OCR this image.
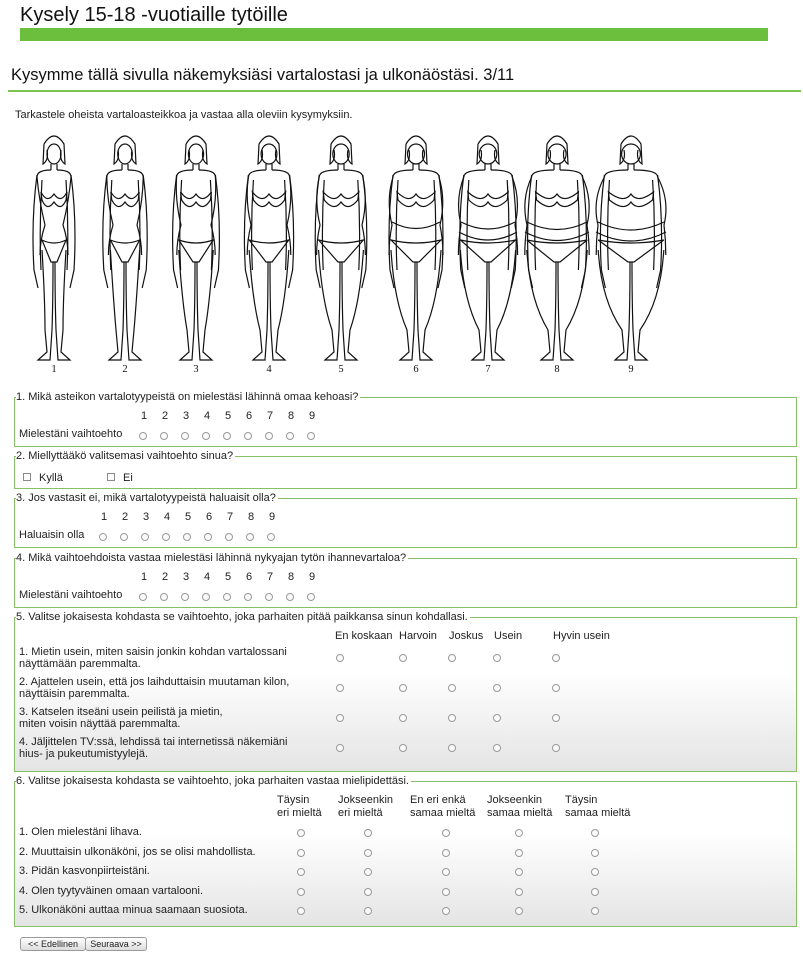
Kysely 15-18 -vuotiaille tytöille
Kysymme tällä sivulla näkemyksiäsi vartalostasi ja ulkonäöstäsi. 3/11
Tarkastele oheista vartaloasteikkoa ja vastaa alla oleviin kysymyksiin.
1	2	3	4	5	6	7	8	9
1. Mikä asteikon vartalotyypeistä on mielestäsi lähinnä omaa kehoasi?
Mielestäni vaihtoehto
1	2	3	4	5	6	7	8	9
2. Miellyttääkö valitsemasi vaihtoehto sinua?
Kyllä	Ei
3. Jos vastasit ei, mikä vartalotyypeistä haluaisit olla?
Haluaisin olla
1	2	3	4	5	6	7	8	9
4. Mikä vaihtoehdoista vastaa mielestäsi lähinnä nykyajan tytön ihannevartaloa?
Mielestäni vaihtoehto
1	2	3	4	5	6	7	8	9
5. Valitse jokaisesta kohdasta se vaihtoehto, joka parhaiten pitää paikkansa sinun kohdallasi.
En koskaan Harvoin Joskus Usein	Hyvin usein
1. Mietin usein, miten saisin jonkin kohdan vartalossani
näyttämään paremmalta.
2. Ajattelen usein, että jos laihduttaisin muutaman kilon,
näyttäisin paremmalta.
3. Katselen itseäni usein peilistä ja mietin,
miten voisin näyttää paremmalta.
4. Jäljittelen TV:ssä, lehdissä tai internetissä näkemiäni
hius- ja pukeutumistyylejä.
6. Valitse jokaisesta kohdasta se vaihtoehto, joka parhaiten vastaa mielipidettäsi.
Täysin
eri mieltä
Jokseenkin
eri mieltä
En eri enkä
samaa mieltä
Jokseenkin
samaa mieltä
Täysin
samaa mieltä
1. Olen mielestäni lihava.
2. Muuttaisin ulkonäköni, jos se olisi mahdollista.
3. Pidän kasvonpiirteistäni.
4. Olen tyytyväinen omaan vartalooni.
5. Ulkonäköni auttaa minua saamaan suosiota.
<< Edellinen	Seuraava >>
